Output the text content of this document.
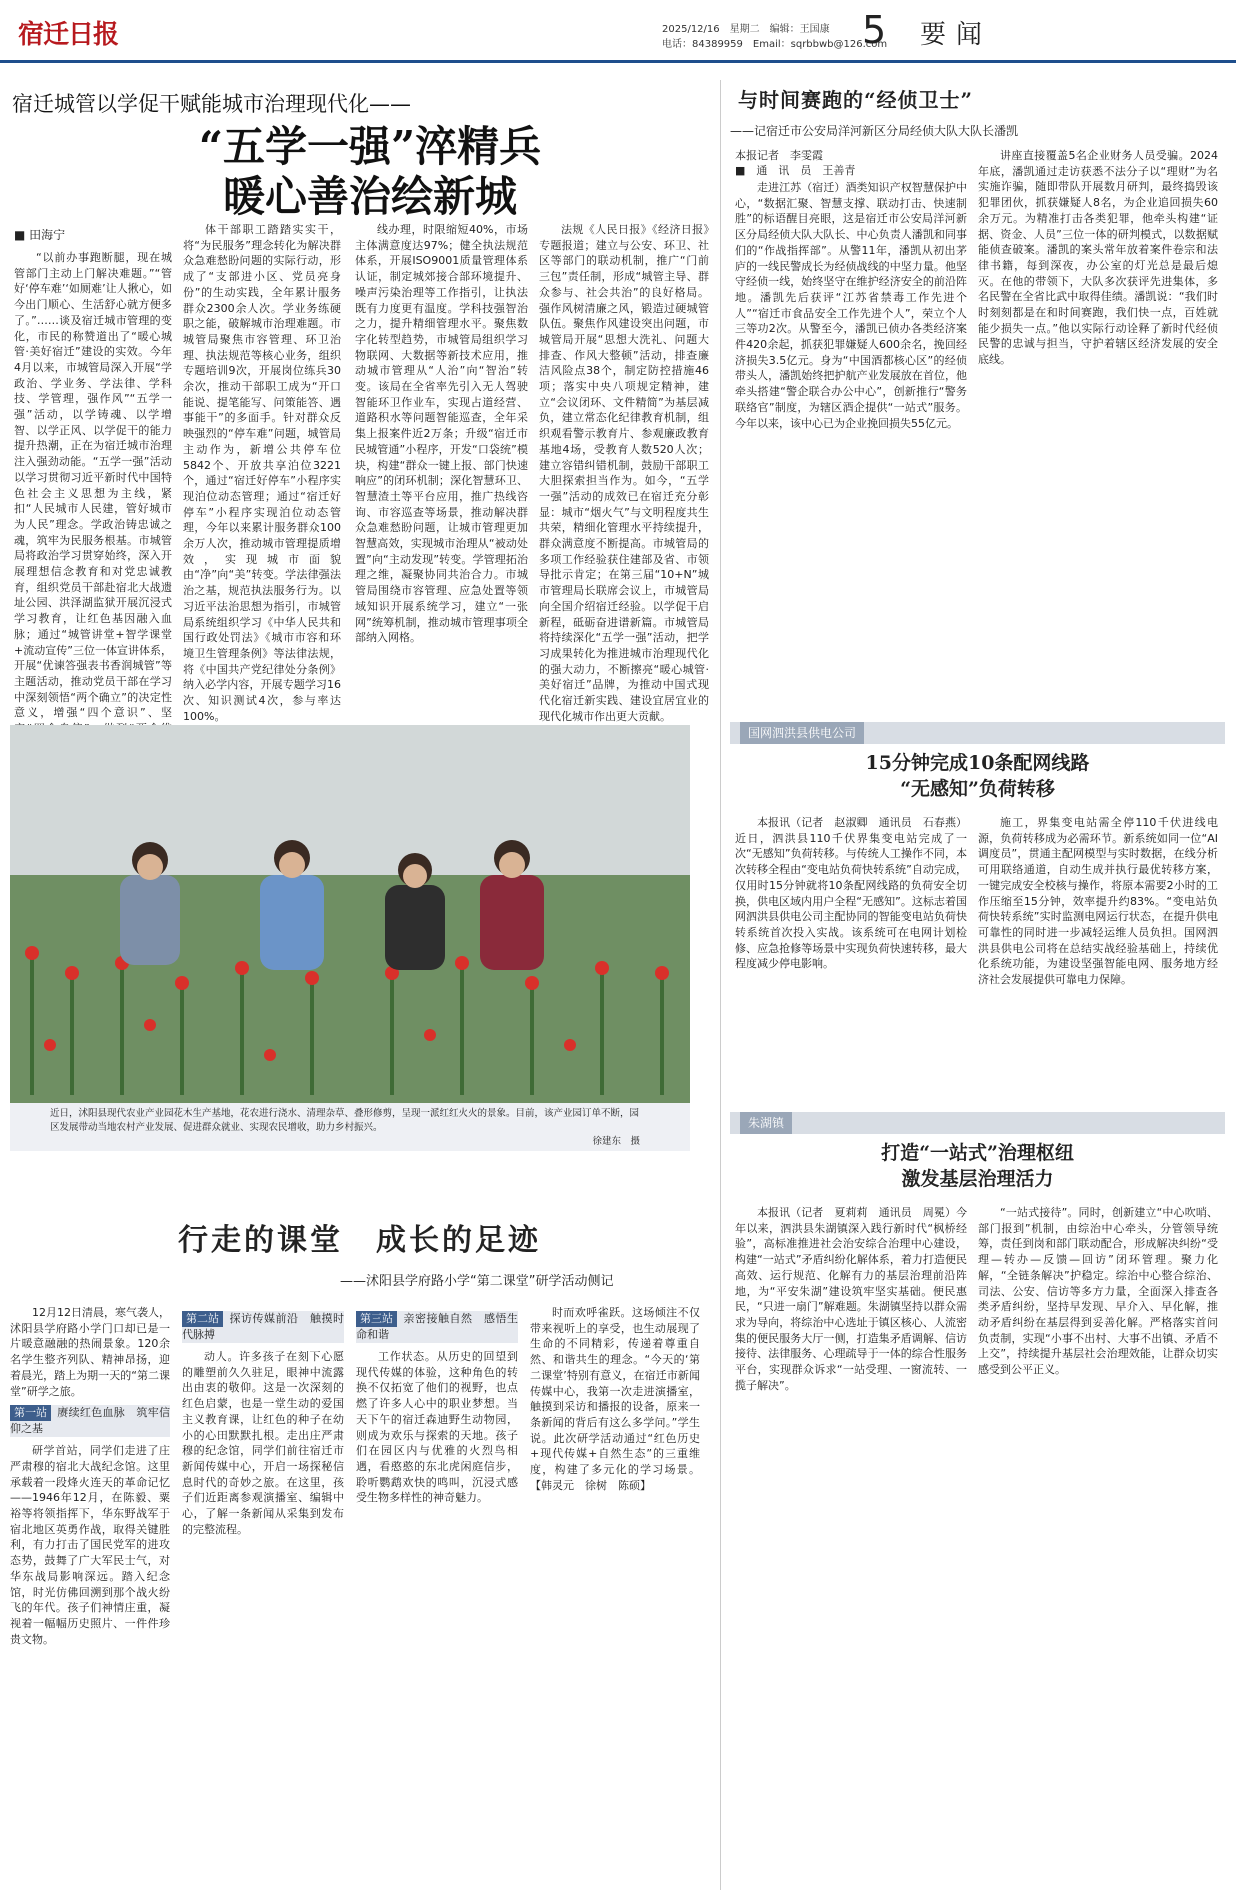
宿迁日报	2025/12/16　星期二　编辑：王国康
电话：84389959　Email：sqrbbwb@126.com
5 要闻
宿迁城管以学促干赋能城市治理现代化——
“五学一强”淬精兵
暖心善治绘新城
■ 田海宁

“以前办事跑断腿，现在城管部门主动上门解决难题。”“管好‘停车难’‘如厕难’让人揪心，如今出门顺心、生活舒心就方便多了。”……谈及宿迁城市管理的变化，市民的称赞道出了“暖心城管·美好宿迁”建设的实效。今年4月以来，市城管局深入开展“学政治、学业务、学法律、学科技、学管理，强作风”“五学一强”活动，以学铸魂、以学增智、以学正风、以学促干的能力提升热潮，正在为宿迁城市治理注入强劲动能。“五学一强”活动以学习贯彻习近平新时代中国特色社会主义思想为主线，紧扣“人民城市人民建，管好城市为人民”理念。学政治铸忠诚之魂，筑牢为民服务根基。市城管局将政治学习贯穿始终，深入开展理想信念教育和对党忠诚教育，组织党员干部赴宿北大战遗址公园、洪泽湖监狱开展沉浸式学习教育，让红色基因融入血脉；通过“城管讲堂+智学课堂+流动宣传”三位一体宣讲体系，开展“优谏答强表书香润城管”等主题活动，推动党员干部在学习中深刻领悟“两个确立”的决定性意义，增强“四个意识”、坚

体干部职工踏踏实实干，将“为民服务”理念转化为解决群众急难愁盼问题的实际行动，形成了“支部进小区、党员亮身份”的生动实践，全年累计服务群众2300余人次。学业务练硬职之能，破解城市治理难题。市城管局聚焦市容管理、环卫治理、执法规范等核心业务，组织专题培训9次，开展岗位练兵30余次，推动干部职工成为“开口能说、提笔能写、问策能答、遇事能干”的多面手。针对群众反映强烈的“停车难”问题，城管局主动作为，新增公共停车位5842个、开放共享泊位3221个，通过“宿迁好停车”小程序实现泊位动态管理；通过“宿迁好停车”小程序实现泊位动态管理，今年以来累计服务群众100余万人次，推动城市管理提质增效，实现城市面貌由“净”向“美”转变。学法律强法治之基，规范执法服务行为。以习近平法治思想为指引，市城管局系统组织学习《中华人民共和国行政处罚法》《城市市容和环境卫生管理条例》等法律法规，将《中国共产党纪律处分条例》纳入必学内容，开展专题学习16次、知识测试4次，参与率达100%。

线办理，时限缩短40%，市场主体满意度达97%；健全执法规范体系，开展ISO9001质量管理体系认证，制定城郊接合部环境提升、噪声污染治理等工作指引，让执法既有力度更有温度。学科技强智治之力，提升精细管理水平。聚焦数字化转型趋势，市城管局组织学习物联网、大数据等新技术应用，推动城市管理从“人治”向“智治”转变。该局在全省率先引入无人驾驶智能环卫作业车，实现占道经营、道路积水等问题智能巡查，全年采集上报案件近2万条；升级“宿迁市民城管通”小程序，开发“口袋统”模块，构建“群众一键上报、部门快速响应”的闭环机制；深化智慧环卫、智慧渣土等平台应用，推广热线咨询、市容巡查等场景，推动解决群众急难愁盼问题，让城市管理更加智慧高效，实现城市治理从“被动处置”向“主动发现”转变。学管理拓治理之维，凝聚协同共治合力。市城管局围绕市容管理、应急处置等领域知识开展系统学习，建立“一张网”统筹机制，推动城市管理事项全部纳入网格。

法规《人民日报》《经济日报》专题报道；建立与公安、环卫、社区等部门的联动机制，推广“门前三包”责任制，形成“城管主导、群众参与、社会共治”的良好格局。强作风树清廉之风，锻造过硬城管队伍。聚焦作风建设突出问题，市城管局开展“思想大洗礼、问题大排查、作风大整顿”活动，排查廉洁风险点38个，制定防控措施46项；落实中央八项规定精神，建立“会议闭环、文件精简”为基层减负，建立常态化纪律教育机制，组织观看警示教育片、参观廉政教育基地4场，受教育人数520人次；建立容错纠错机制，鼓励干部职工大胆探索担当作为。如今，“五学一强”活动的成效已在宿迁充分彰显：城市“烟火气”与文明程度共生共荣，精细化管理水平持续提升，群众满意度不断提高。市城管局的多项工作经验获住建部及省、市领导批示肯定；在第三届“10+N”城市管理局长联席会议上，市城管局向全国介绍宿迁经验。以学促干启新程，砥砺奋进谱新篇。市城管局将持续深化“五学一强”活动，把学习成果转化为推进城市治理现代化的强大动力，不断擦亮“暖心城管·美好宿迁”品牌，为推动中国式现代化宿迁新实践、建设宜居宜业的现代化城市作出更大贡献。

与时间赛跑的“经侦卫士”
——记宿迁市公安局洋河新区分局经侦大队大队长潘凯
本报记者　李雯霞
■　通　讯　员　王善青

走进江苏（宿迁）酒类知识产权智慧保护中心，“数据汇聚、智慧支撑、联动打击、快速制胜”的标语醒目亮眼，这是宿迁市公安局洋河新区分局经侦大队大队长、中心负责人潘凯和同事们的“作战指挥部”。从警11年，潘凯从初出茅庐的一线民警成长为经侦战线的中坚力量。他坚守经侦一线，始终坚守在维护经济安全的前沿阵地。潘凯先后获评“江苏省禁毒工作先进个人”“宿迁市食品安全工作先进个人”，荣立个人三等功2次。从警至今，潘凯已侦办各类经济案件420余起，抓获犯罪嫌疑人600余名，挽回经济损失3.5亿元。身为“中国酒都核心区”的经侦带头人，潘凯始终把护航产业发展放在首位，他牵头搭建“警企联合办公中心”，创新推行“警务联络官”制度，为辖区酒企提供“一站式”服务。今年以来，该中心已为企业挽回损失55亿元。

讲座直接覆盖5名企业财务人员受骗。2024年底，潘凯通过走访获悉不法分子以“理财”为名实施诈骗，随即带队开展数月研判，最终捣毁该犯罪团伙，抓获嫌疑人8名，为企业追回损失60余万元。为精准打击各类犯罪，他牵头构建“证据、资金、人员”三位一体的研判模式，以数据赋能侦查破案。潘凯的案头常年放着案件卷宗和法律书籍，每到深夜，办公室的灯光总是最后熄灭。在他的带领下，大队多次获评先进集体，多名民警在全省比武中取得佳绩。潘凯说：“我们时时刻刻都是在和时间赛跑，我们快一点，百姓就能少损失一点。”他以实际行动诠释了新时代经侦民警的忠诚与担当，守护着辖区经济发展的安全底线。

国网泗洪县供电公司
15分钟完成10条配网线路
“无感知”负荷转移

本报讯（记者　赵淑卿　通讯员　石春燕）近日，泗洪县110千伏界集变电站完成了一次“无感知”负荷转移。与传统人工操作不同，本次转移全程由“变电站负荷快转系统”自动完成，仅用时15分钟就将10条配网线路的负荷安全切换，供电区域内用户全程“无感知”。这标志着国网泗洪县供电公司主配协同的智能变电站负荷快转系统首次投入实战。该系统可在电网计划检修、应急抢修等场景中实现负荷快速转移，最大程度减少停电影响。

施工，界集变电站需全停110千伏进线电源，负荷转移成为必需环节。新系统如同一位“AI调度员”，贯通主配网模型与实时数据，在线分析可用联络通道，自动生成并执行最优转移方案，一键完成安全校核与操作，将原本需要2小时的工作压缩至15分钟，效率提升约83%。“变电站负荷快转系统”实时监测电网运行状态，在提升供电可靠性的同时进一步减轻运维人员负担。国网泗洪县供电公司将在总结实战经验基础上，持续优化系统功能，为建设坚强智能电网、服务地方经济社会发展提供可靠电力保障。

朱湖镇
打造“一站式”治理枢纽
激发基层治理活力

本报讯（记者　夏莉莉　通讯员　周冕）今年以来，泗洪县朱湖镇深入践行新时代“枫桥经验”，高标准推进社会治安综合治理中心建设，构建“一站式”矛盾纠纷化解体系，着力打造便民高效、运行规范、化解有力的基层治理前沿阵地，为“平安朱湖”建设筑牢坚实基础。便民惠民，“只进一扇门”解难题。朱湖镇坚持以群众需求为导向，将综治中心选址于镇区核心、人流密集的便民服务大厅一侧，打造集矛盾调解、信访接待、法律服务、心理疏导于一体的综合性服务平台，实现群众诉求“一站受理、一窗流转、一揽子解决”。

“一站式接待”。同时，创新建立“中心吹哨、部门报到”机制，由综治中心牵头，分管领导统筹，责任到岗和部门联动配合，形成解决纠纷“受理—转办—反馈—回访”闭环管理。聚力化解，“全链条解决”护稳定。综治中心整合综治、司法、公安、信访等多方力量，全面深入排查各类矛盾纠纷，坚持早发现、早介入、早化解，推动矛盾纠纷在基层得到妥善化解。严格落实首问负责制，实现“小事不出村、大事不出镇、矛盾不上交”，持续提升基层社会治理效能，让群众切实感受到公平正义。

近日，沭阳县现代农业产业园花木生产基地，花农进行浇水、清理杂草、叠形修剪，呈现一派红红火火的景象。目前，该产业园订单不断，园区发展带动当地农村产业发展、促进群众就业、实现农民增收，助力乡村振兴。
徐建东　摄
行走的课堂　成长的足迹
——沭阳县学府路小学“第二课堂”研学活动侧记

12月12日清晨，寒气袭人，沭阳县学府路小学门口却已是一片暖意融融的热闹景象。120余名学生整齐列队、精神昂扬，迎着晨光，踏上为期一天的“第二课堂”研学之旅。

第一站 赓续红色血脉　筑牢信仰之基

研学首站，同学们走进了庄严肃穆的宿北大战纪念馆。这里承载着一段烽火连天的革命记忆——1946年12月，在陈毅、粟裕等将领指挥下，华东野战军于宿北地区英勇作战，取得关键胜利，有力打击了国民党军的进攻态势，鼓舞了广大军民士气，对华东战局影响深远。踏入纪念馆，时光仿佛回溯到那个战火纷飞的年代。孩子们神情庄重，凝视着一幅幅历史照片、一件件珍贵文物。

第二站 探访传媒前沿　触摸时代脉搏

动人。许多孩子在刻下心愿的雕塑前久久驻足，眼神中流露出由衷的敬仰。这是一次深刻的红色启蒙，也是一堂生动的爱国主义教育课，让红色的种子在幼小的心田默默扎根。走出庄严肃穆的纪念馆，同学们前往宿迁市新闻传媒中心，开启一场探秘信息时代的奇妙之旅。在这里，孩子们近距离参观演播室、编辑中心，了解一条新闻从采集到发布的完整流程。

第三站 亲密接触自然　感悟生命和谐

工作状态。从历史的回望到现代传媒的体验，这种角色的转换不仅拓宽了他们的视野，也点燃了许多人心中的职业梦想。当天下午的宿迁森迪野生动物园，则成为欢乐与探索的天地。孩子们在园区内与优雅的火烈鸟相遇，看憨憨的东北虎闲庭信步，聆听鹦鹉欢快的鸣叫，沉浸式感受生物多样性的神奇魅力。

时而欢呼雀跃。这场倾注不仅带来视听上的享受，也生动展现了生命的不同精彩，传递着尊重自然、和谐共生的理念。“今天的‘第二课堂’特别有意义，在宿迁市新闻传媒中心，我第一次走进演播室，触摸到采访和播报的设备，原来一条新闻的背后有这么多学问。”学生说。此次研学活动通过“红色历史+现代传媒+自然生态”的三重维度，构建了多元化的学习场景。【韩灵元　徐树　陈硕】
